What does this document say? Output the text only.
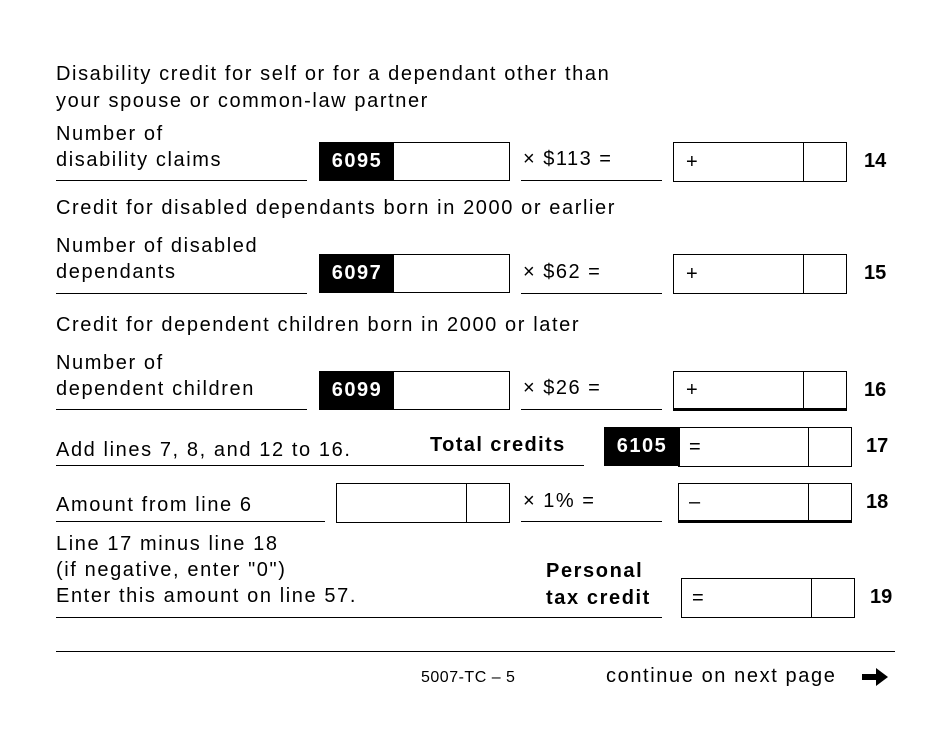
Disability credit for self or for a dependant other than
your spouse or common-law partner
Number of
disability claims	6095	× $113 =	+	14
Credit for disabled dependants born in 2000 or earlier
Number of disabled
dependants	6097	× $62 =	+	15
Credit for dependent children born in 2000 or later
Number of
dependent children	6099	× $26 =	+	16
Add lines 7, 8, and 12 to 16.	Total credits	6105	=	17
Amount from line 6	× 1% =	–	18
Line 17 minus line 18
(if negative, enter "0")
Enter this amount on line 57.
Personal
tax credit =	19
5007-TC – 5	continue on next page
